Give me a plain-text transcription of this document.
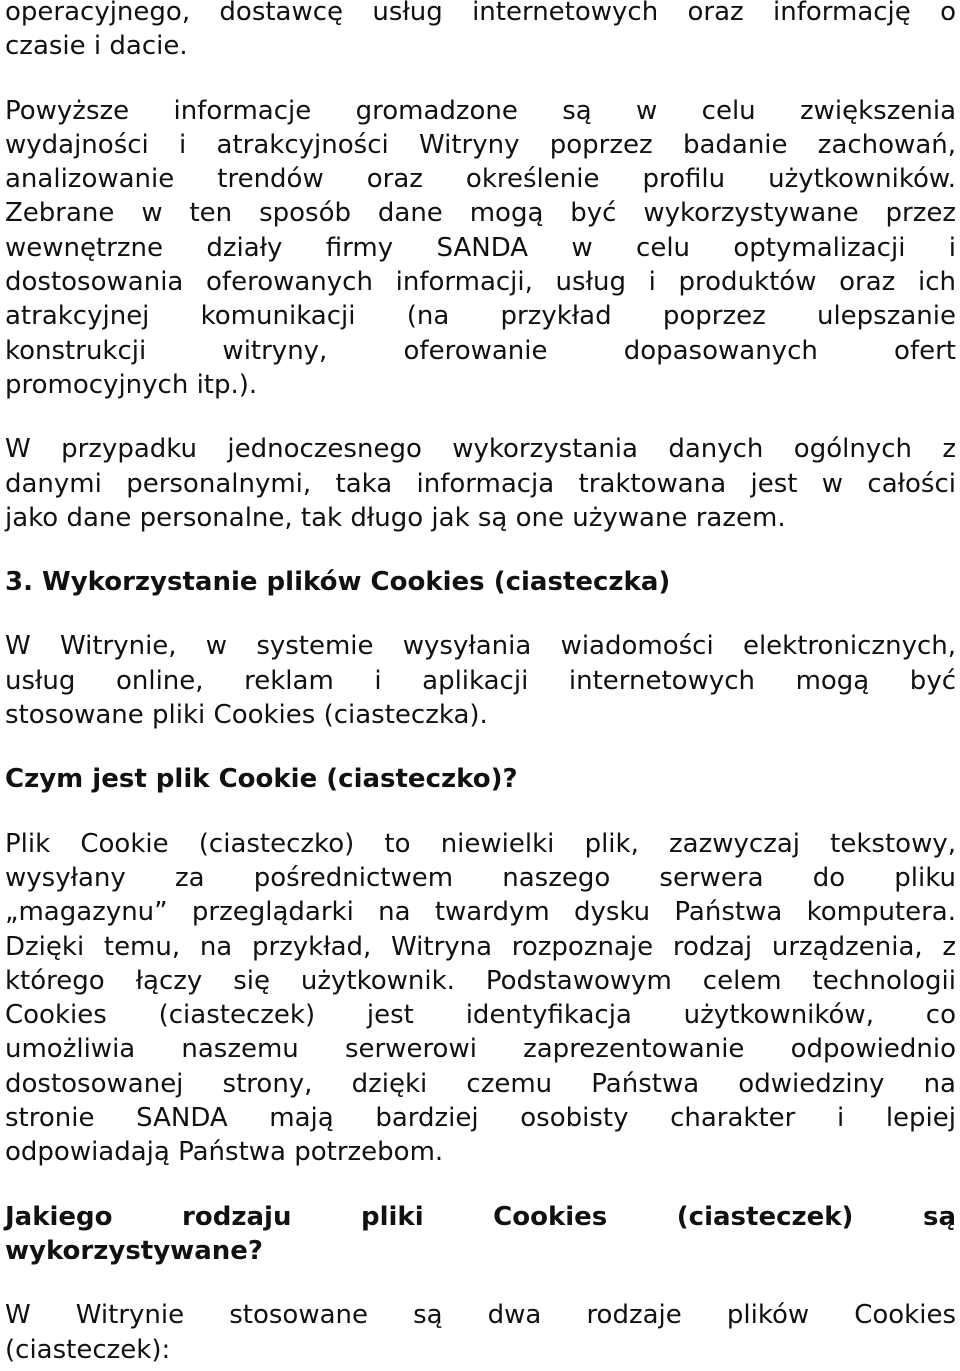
operacyjnego, dostawcę usług internetowych oraz informację o
czasie i dacie.
Powyższe informacje gromadzone są w celu zwiększenia
wydajności i atrakcyjności Witryny poprzez badanie zachowań,
analizowanie trendów oraz określenie profilu użytkowników.
Zebrane w ten sposób dane mogą być wykorzystywane przez
wewnętrzne działy firmy SANDA w celu optymalizacji i
dostosowania oferowanych informacji, usług i produktów oraz ich
atrakcyjnej komunikacji (na przykład poprzez ulepszanie
konstrukcji witryny, oferowanie dopasowanych ofert
promocyjnych itp.).
W przypadku jednoczesnego wykorzystania danych ogólnych z
danymi personalnymi, taka informacja traktowana jest w całości
jako dane personalne, tak długo jak są one używane razem.
3. Wykorzystanie plików Cookies (ciasteczka)
W Witrynie, w systemie wysyłania wiadomości elektronicznych,
usług online, reklam i aplikacji internetowych mogą być
stosowane pliki Cookies (ciasteczka).
Czym jest plik Cookie (ciasteczko)?
Plik Cookie (ciasteczko) to niewielki plik, zazwyczaj tekstowy,
wysyłany za pośrednictwem naszego serwera do pliku
„magazynu” przeglądarki na twardym dysku Państwa komputera.
Dzięki temu, na przykład, Witryna rozpoznaje rodzaj urządzenia, z
którego łączy się użytkownik. Podstawowym celem technologii
Cookies (ciasteczek) jest identyfikacja użytkowników, co
umożliwia naszemu serwerowi zaprezentowanie odpowiednio
dostosowanej strony, dzięki czemu Państwa odwiedziny na
stronie SANDA mają bardziej osobisty charakter i lepiej
odpowiadają Państwa potrzebom.
Jakiego rodzaju pliki Cookies (ciasteczek) są
wykorzystywane?
W Witrynie stosowane są dwa rodzaje plików Cookies
(ciasteczek):
